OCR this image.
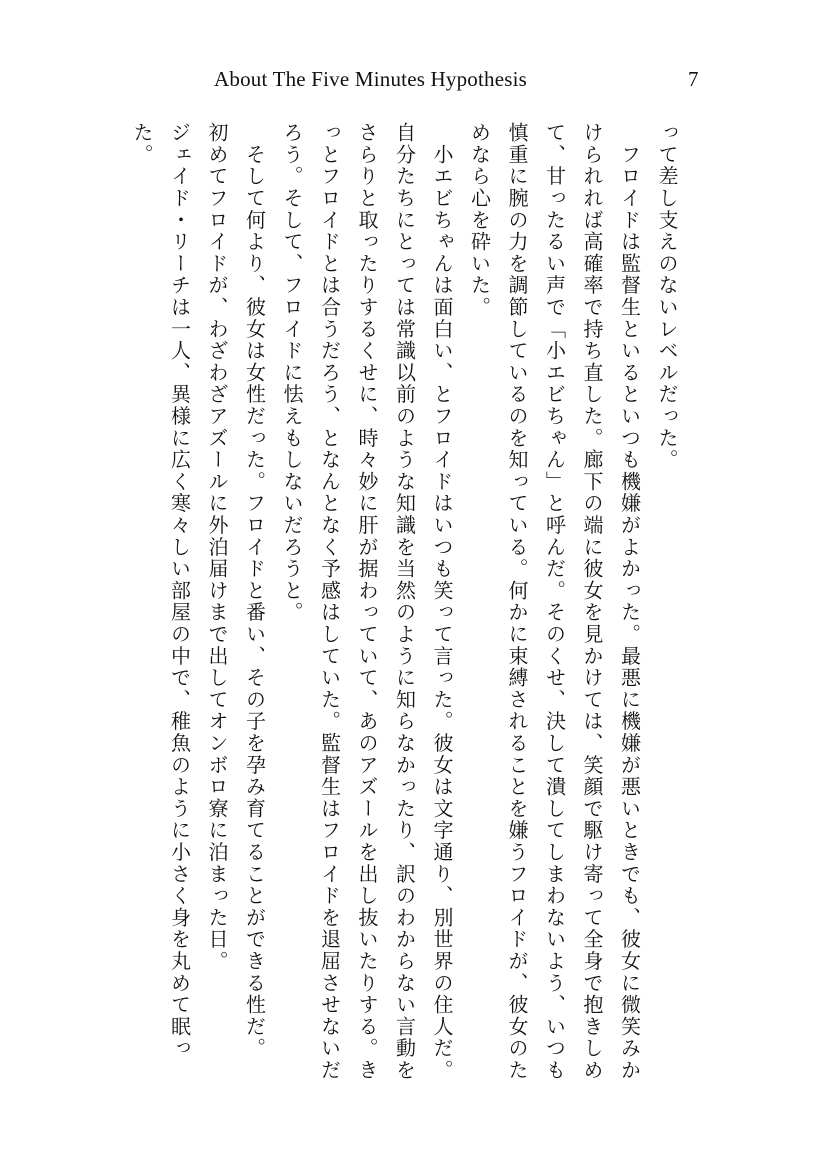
About The Five Minutes Hypothesis	7

って差し支えのないレベルだった。

　フロイドは監督生といるといつも機嫌がよかった。最悪に機嫌が悪いときでも、彼女に微笑みかけられれば高確率で持ち直した。廊下の端に彼女を見かけては、笑顔で駆け寄って全身で抱きしめて、甘ったるい声で「小エビちゃん」と呼んだ。そのくせ、決して潰してしまわないよう、いつも慎重に腕の力を調節しているのを知っている。何かに束縛されることを嫌うフロイドが、彼女のためなら心を砕いた。

　小エビちゃんは面白い、とフロイドはいつも笑って言った。彼女は文字通り、別世界の住人だ。自分たちにとっては常識以前のような知識を当然のように知らなかったり、訳のわからない言動をさらりと取ったりするくせに、時々妙に肝が据わっていて、あのアズールを出し抜いたりする。きっとフロイドとは合うだろう、となんとなく予感はしていた。監督生はフロイドを退屈させないだろう。そして、フロイドに怯えもしないだろうと。

　そして何より、彼女は女性だった。フロイドと番い、その子を孕み育てることができる性だ。

初めてフロイドが、わざわざアズールに外泊届けまで出してオンボロ寮に泊まった日。

ジェイド・リーチは一人、異様に広く寒々しい部屋の中で、稚魚のように小さく身を丸めて眠った。
